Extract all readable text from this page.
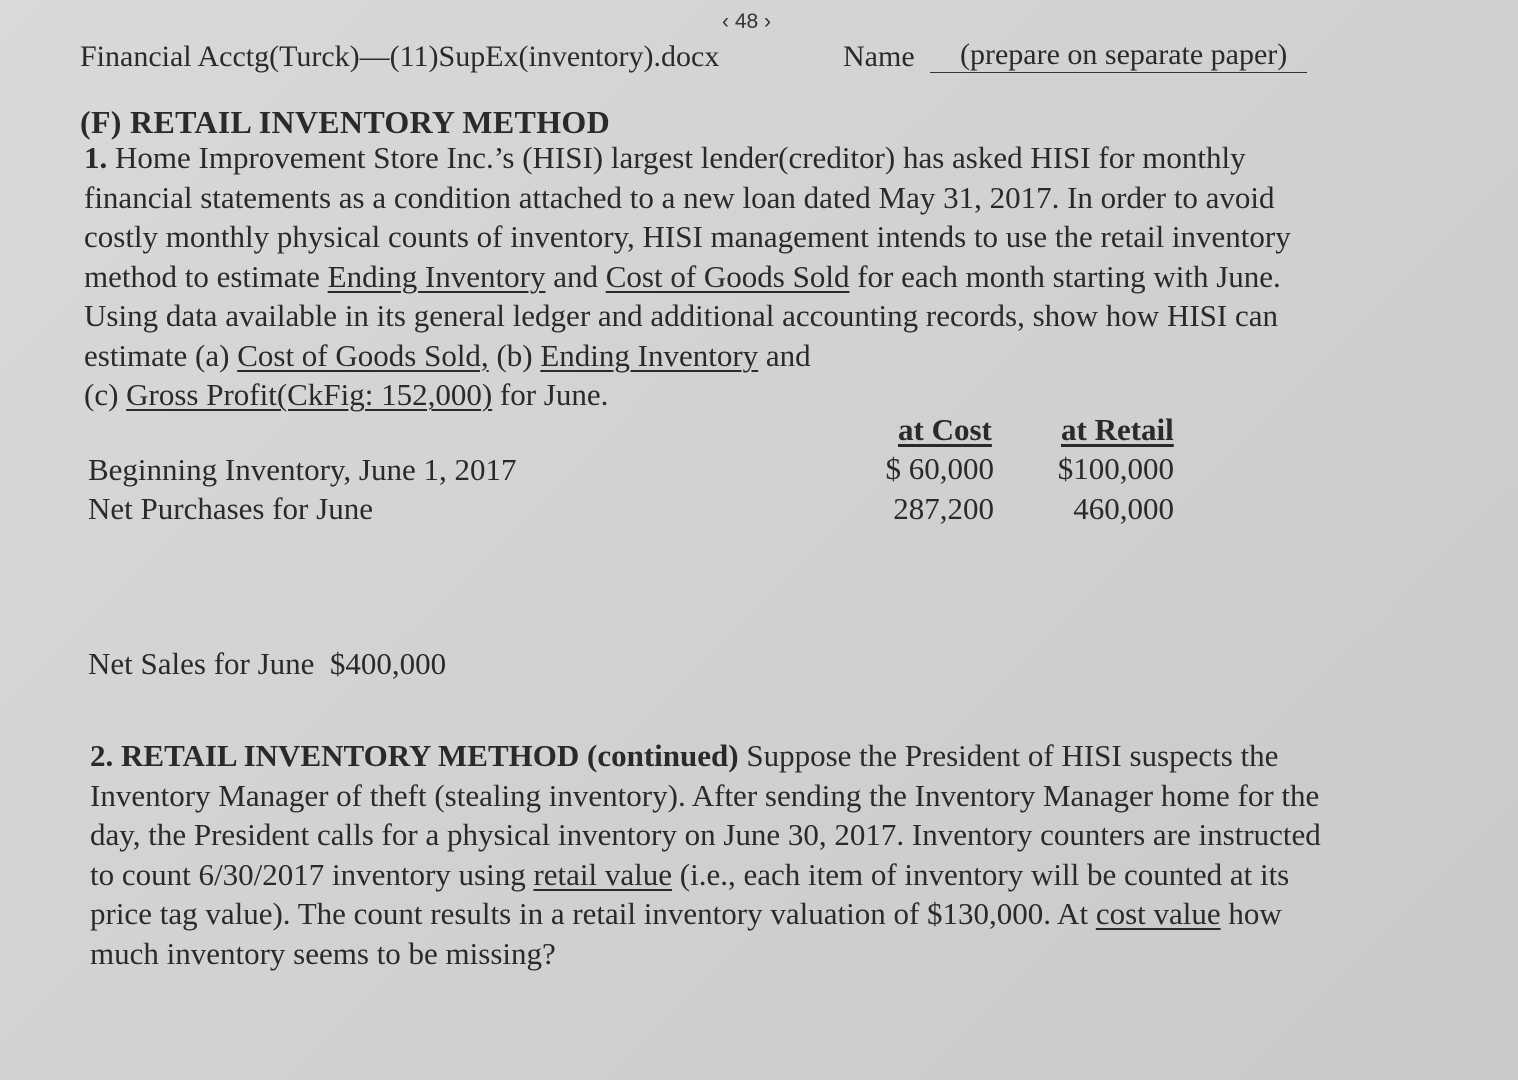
‹ 48 ›
Financial Acctg(Turck)—(11)SupEx(inventory).docx	Name	(prepare on separate paper)
(F) RETAIL INVENTORY METHOD
1. Home Improvement Store Inc.’s (HISI) largest lender(creditor) has asked HISI for monthly
financial statements as a condition attached to a new loan dated May 31, 2017. In order to avoid
costly monthly physical counts of inventory, HISI management intends to use the retail inventory
method to estimate Ending Inventory and Cost of Goods Sold for each month starting with June.
Using data available in its general ledger and additional accounting records, show how HISI can
estimate (a) Cost of Goods Sold, (b) Ending Inventory and
(c) Gross Profit(CkFig: 152,000) for June.
at Cost at Retail
Beginning Inventory, June 1, 2017	$ 60,000	$100,000
Net Purchases for June	287,200	460,000
Net Sales for June $400,000
2. RETAIL INVENTORY METHOD (continued) Suppose the President of HISI suspects the
Inventory Manager of theft (stealing inventory). After sending the Inventory Manager home for the
day, the President calls for a physical inventory on June 30, 2017. Inventory counters are instructed
to count 6/30/2017 inventory using retail value (i.e., each item of inventory will be counted at its
price tag value). The count results in a retail inventory valuation of $130,000. At cost value how
much inventory seems to be missing?
